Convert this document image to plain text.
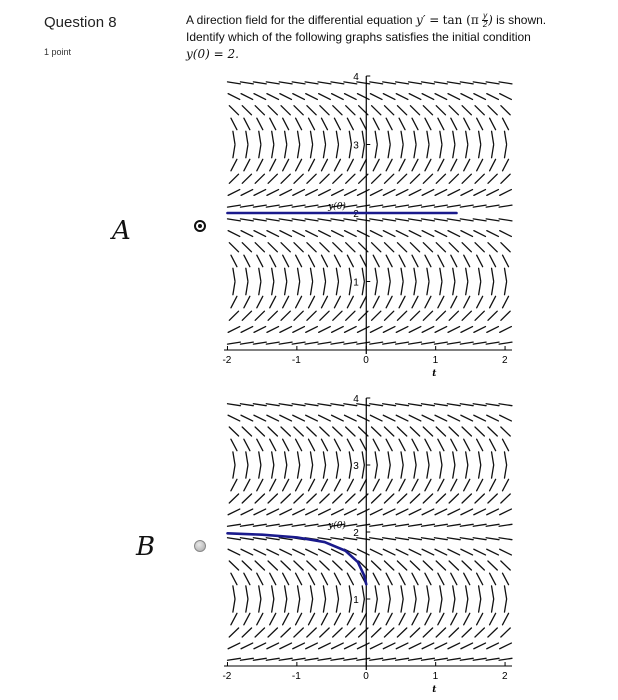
Question 8
1 point
A direction field for the differential equation $y' = \tan (\pi \frac{y}{2}$ ) is shown.
Identify which of the following graphs satisfies the initial condition
y(0) = 2.
1
2
3
4
-2	-1	0	1	2
t
y(0)
1
2
3
4
-2	-1	0	1	2
t
y(0)
A
B
